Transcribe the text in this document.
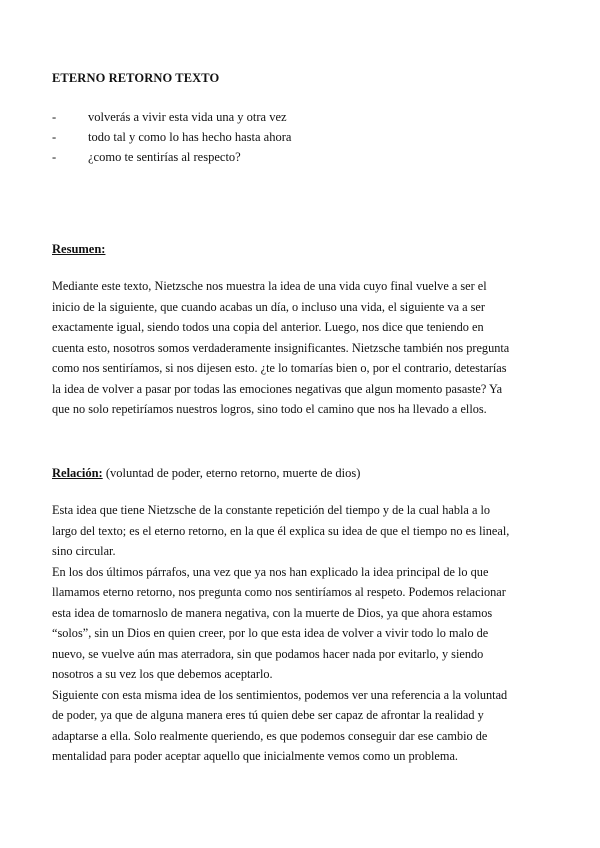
ETERNO RETORNO TEXTO
-	volverás a vivir esta vida una y otra vez
-	todo tal y como lo has hecho hasta ahora
-	¿como te sentirías al respecto?
Resumen:
Mediante este texto, Nietzsche nos muestra la idea de una vida cuyo final vuelve a ser el
inicio de la siguiente, que cuando acabas un día, o incluso una vida, el siguiente va a ser
exactamente igual, siendo todos una copia del anterior. Luego, nos dice que teniendo en
cuenta esto, nosotros somos verdaderamente insignificantes. Nietzsche también nos pregunta
como nos sentiríamos, si nos dijesen esto. ¿te lo tomarías bien o, por el contrario, detestarías
la idea de volver a pasar por todas las emociones negativas que algun momento pasaste? Ya
que no solo repetiríamos nuestros logros, sino todo el camino que nos ha llevado a ellos.
Relación: (voluntad de poder, eterno retorno, muerte de dios)
Esta idea que tiene Nietzsche de la constante repetición del tiempo y de la cual habla a lo
largo del texto; es el eterno retorno, en la que él explica su idea de que el tiempo no es lineal,
sino circular.
En los dos últimos párrafos, una vez que ya nos han explicado la idea principal de lo que
llamamos eterno retorno, nos pregunta como nos sentiríamos al respeto. Podemos relacionar
esta idea de tomarnoslo de manera negativa, con la muerte de Dios, ya que ahora estamos
“solos”, sin un Dios en quien creer, por lo que esta idea de volver a vivir todo lo malo de
nuevo, se vuelve aún mas aterradora, sin que podamos hacer nada por evitarlo, y siendo
nosotros a su vez los que debemos aceptarlo.
Siguiente con esta misma idea de los sentimientos, podemos ver una referencia a la voluntad
de poder, ya que de alguna manera eres tú quien debe ser capaz de afrontar la realidad y
adaptarse a ella. Solo realmente queriendo, es que podemos conseguir dar ese cambio de
mentalidad para poder aceptar aquello que inicialmente vemos como un problema.
